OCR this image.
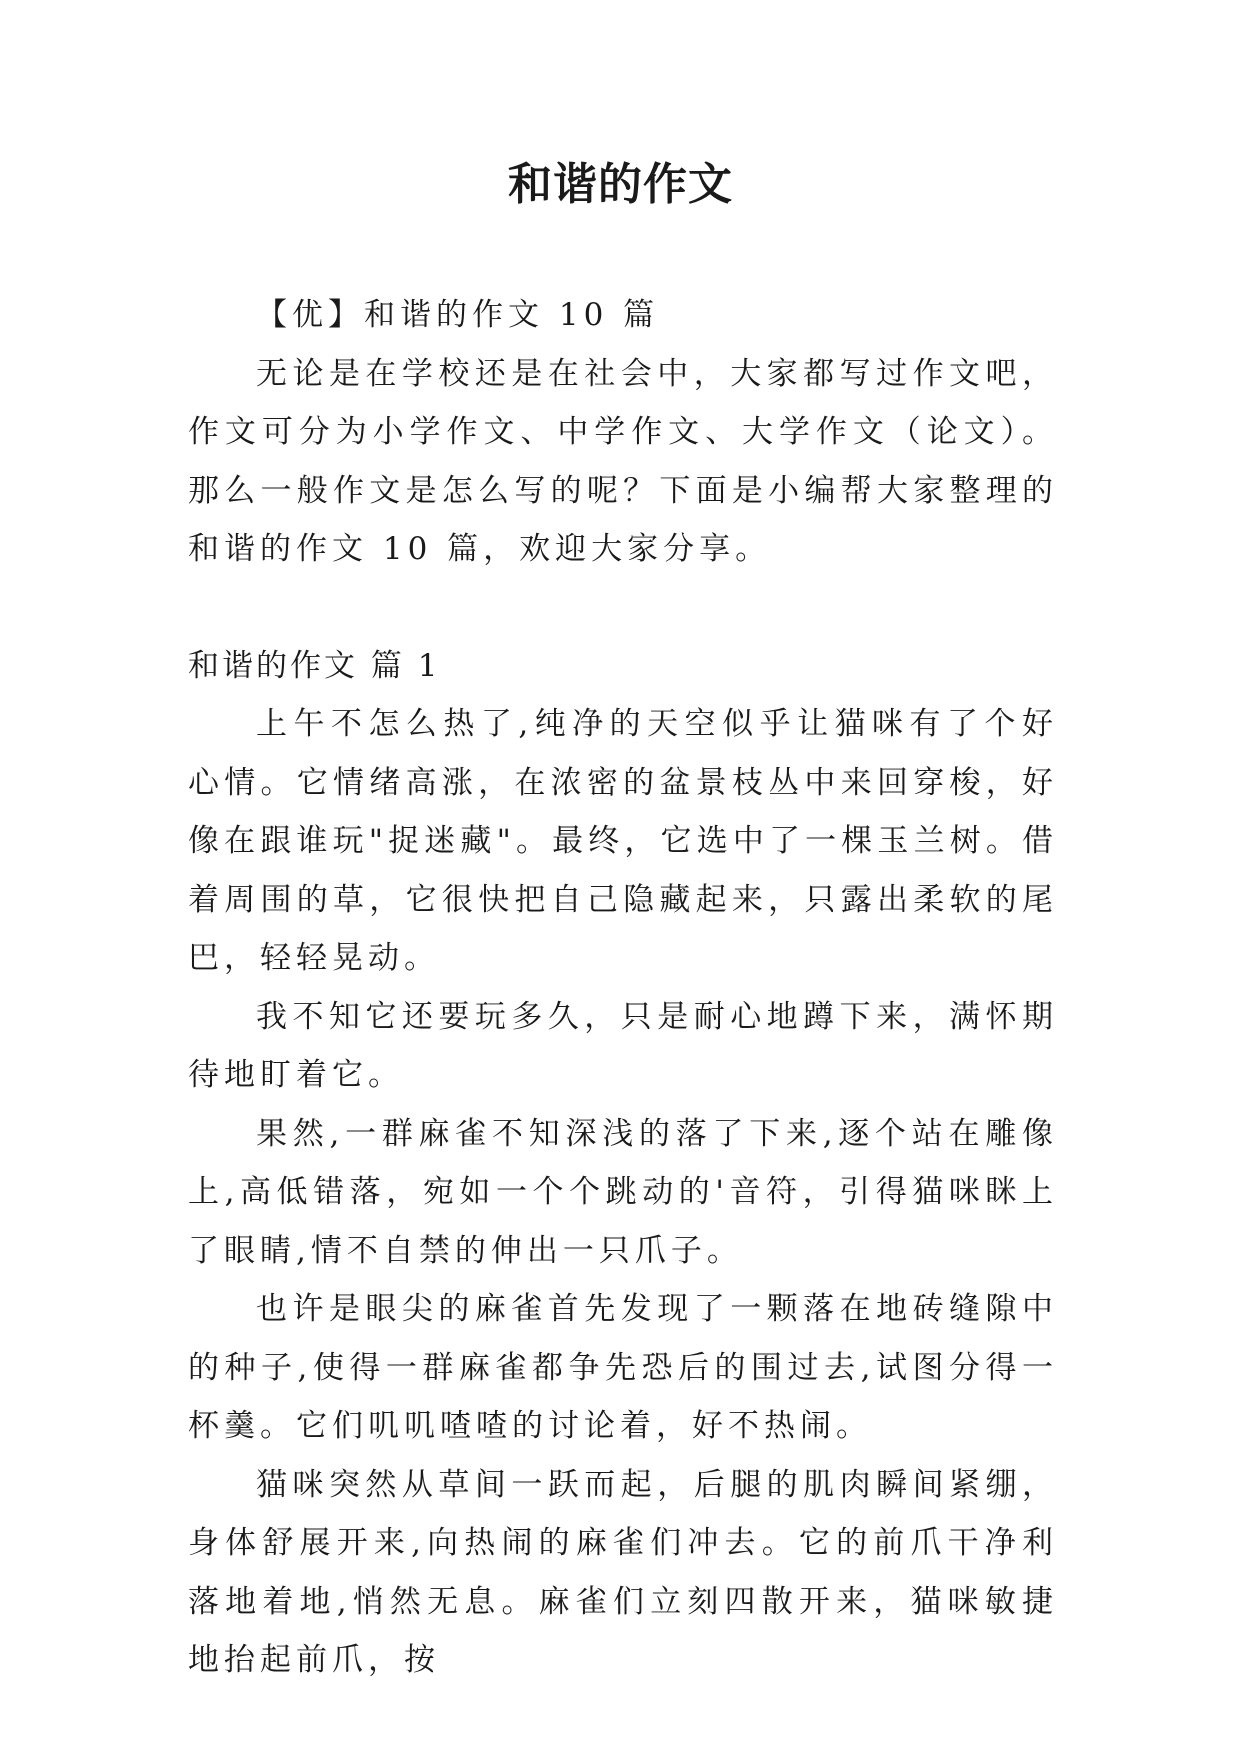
和谐的作文

【优】和谐的作文 10 篇

无论是在学校还是在社会中，大家都写过作文吧，作文可分为小学作文、中学作文、大学作文（论文）。那么一般作文是怎么写的呢？下面是小编帮大家整理的和谐的作文 10 篇，欢迎大家分享。

和谐的作文 篇 1

上午不怎么热了,纯净的天空似乎让猫咪有了个好心情。它情绪高涨，在浓密的盆景枝丛中来回穿梭，好像在跟谁玩"捉迷藏"。最终，它选中了一棵玉兰树。借着周围的草，它很快把自己隐藏起来，只露出柔软的尾巴，轻轻晃动。

我不知它还要玩多久，只是耐心地蹲下来，满怀期待地盯着它。

果然,一群麻雀不知深浅的落了下来,逐个站在雕像上,高低错落，宛如一个个跳动的'音符，引得猫咪眯上了眼睛,情不自禁的伸出一只爪子。

也许是眼尖的麻雀首先发现了一颗落在地砖缝隙中的种子,使得一群麻雀都争先恐后的围过去,试图分得一杯羹。它们叽叽喳喳的讨论着，好不热闹。

猫咪突然从草间一跃而起，后腿的肌肉瞬间紧绷，身体舒展开来,向热闹的麻雀们冲去。它的前爪干净利落地着地,悄然无息。麻雀们立刻四散开来，猫咪敏捷地抬起前爪，按
